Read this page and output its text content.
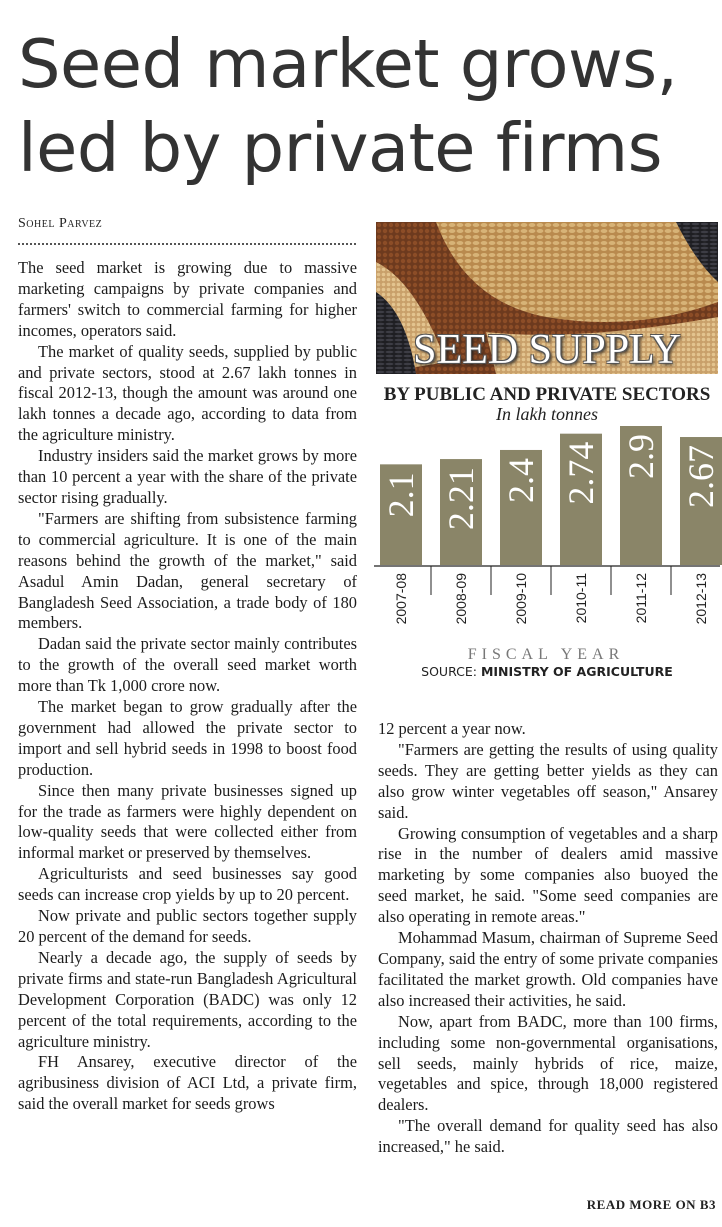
Seed market grows,
led by private firms
Sohel Parvez

The seed market is growing due to massive marketing campaigns by private companies and farmers' switch to commercial farming for higher incomes, operators said.

The market of quality seeds, supplied by public and private sectors, stood at 2.67 lakh tonnes in fiscal 2012-13, though the amount was around one lakh tonnes a decade ago, according to data from the agriculture ministry.

Industry insiders said the market grows by more than 10 percent a year with the share of the private sector rising gradually.

"Farmers are shifting from subsistence farming to commercial agriculture. It is one of the main reasons behind the growth of the market," said Asadul Amin Dadan, general secretary of Bangladesh Seed Association, a trade body of 180 members.

Dadan said the private sector mainly contributes to the growth of the overall seed market worth more than Tk 1,000 crore now.

The market began to grow gradually after the government had allowed the private sector to import and sell hybrid seeds in 1998 to boost food production.

Since then many private businesses signed up for the trade as farmers were highly dependent on low-quality seeds that were collected either from informal market or preserved by themselves.

Agriculturists and seed businesses say good seeds can increase crop yields by up to 20 percent.

Now private and public sectors together supply 20 percent of the demand for seeds.

Nearly a decade ago, the supply of seeds by private firms and state-run Bangladesh Agricultural Development Corporation (BADC) was only 12 percent of the total requirements, according to the agriculture ministry.

FH Ansarey, executive director of the agribusiness division of ACI Ltd, a private firm, said the overall market for seeds grows

12 percent a year now.

"Farmers are getting the results of using quality seeds. They are getting better yields as they can also grow winter vegetables off season," Ansarey said.

Growing consumption of vegetables and a sharp rise in the number of dealers amid massive marketing by some companies also buoyed the seed market, he said. "Some seed companies are also operating in remote areas."

Mohammad Masum, chairman of Supreme Seed Company, said the entry of some private companies facilitated the market growth. Old companies have also increased their activities, he said.

Now, apart from BADC, more than 100 firms, including some non-governmental organisations, sell seeds, mainly hybrids of rice, maize, vegetables and spice, through 18,000 registered dealers.

"The overall demand for quality seed has also increased," he said.

READ MORE ON B3
SEED SUPPLY
BY PUBLIC AND PRIVATE SECTORS
In lakh tonnes
2.1
2007-08
2.21
2008-09
2.4
2009-10
2.74
2010-11
2.9
2011-12
2.67
2012-13
FISCAL YEAR
SOURCE: MINISTRY OF AGRICULTURE
